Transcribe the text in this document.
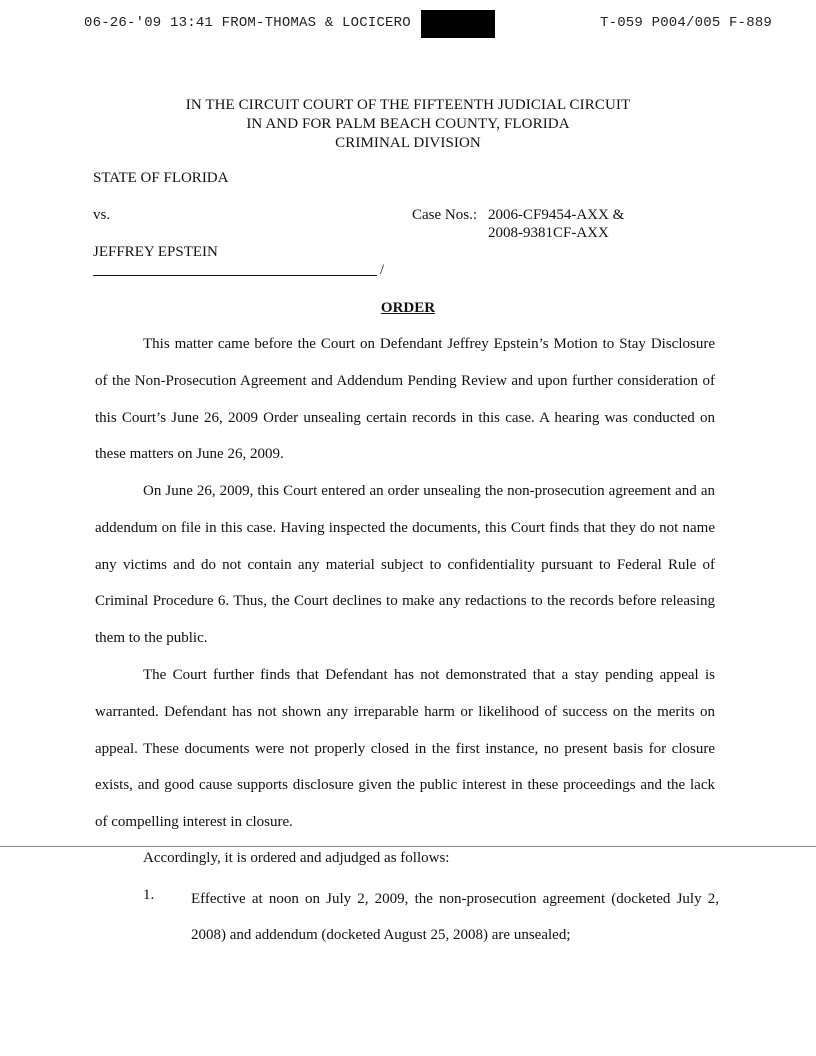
06-26-'09 13:41 FROM-THOMAS & LOCICERO	T-059 P004/005 F-889
IN THE CIRCUIT COURT OF THE FIFTEENTH JUDICIAL CIRCUIT
IN AND FOR PALM BEACH COUNTY, FLORIDA
CRIMINAL DIVISION
STATE OF FLORIDA
vs.
JEFFREY EPSTEIN
Case Nos.: 2006-CF9454-AXX &
2008-9381CF-AXX
/
ORDER

This matter came before the Court on Defendant Jeffrey Epstein’s Motion to Stay Disclosure of the Non-Prosecution Agreement and Addendum Pending Review and upon further consideration of this Court’s June 26, 2009 Order unsealing certain records in this case. A hearing was conducted on these matters on June 26, 2009.

On June 26, 2009, this Court entered an order unsealing the non-prosecution agreement and an addendum on file in this case. Having inspected the documents, this Court finds that they do not name any victims and do not contain any material subject to confidentiality pursuant to Federal Rule of Criminal Procedure 6. Thus, the Court declines to make any redactions to the records before releasing them to the public.

The Court further finds that Defendant has not demonstrated that a stay pending appeal is warranted. Defendant has not shown any irreparable harm or likelihood of success on the merits on appeal. These documents were not properly closed in the first instance, no present basis for closure exists, and good cause supports disclosure given the public interest in these proceedings and the lack of compelling interest in closure.

Accordingly, it is ordered and adjudged as follows:
1. Effective at noon on July 2, 2009, the non-prosecution agreement (docketed July 2, 2008) and addendum (docketed August 25, 2008) are unsealed;
